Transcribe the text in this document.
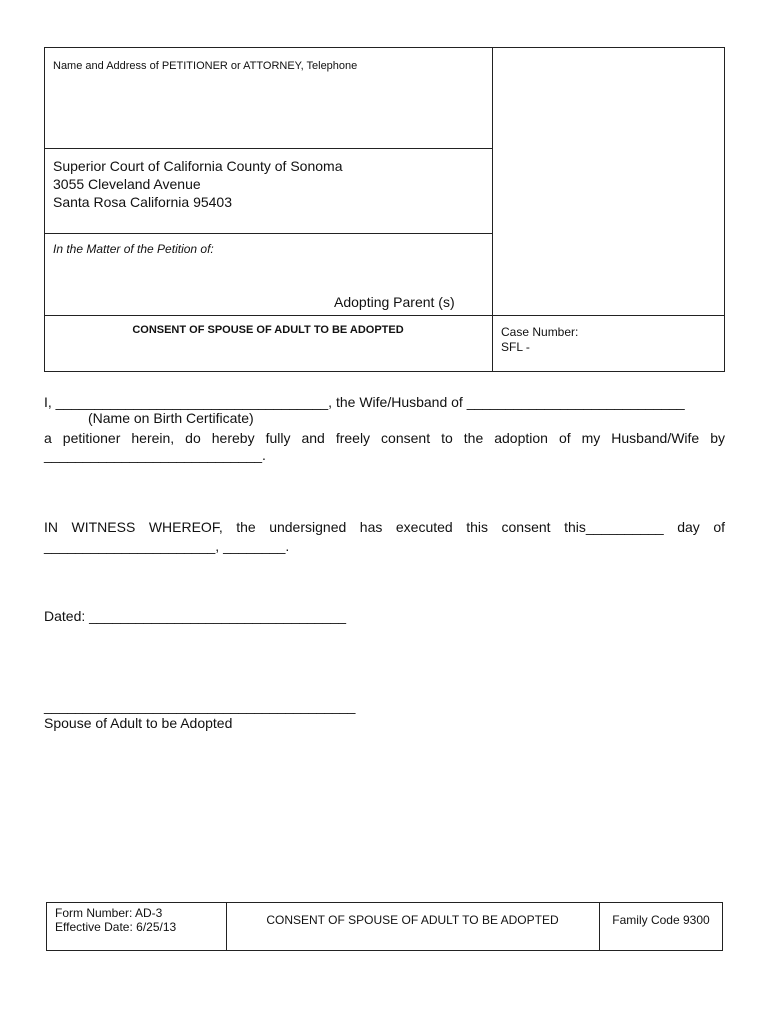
Name and Address of PETITIONER or ATTORNEY, Telephone
Superior Court of California County of Sonoma
3055 Cleveland Avenue
Santa Rosa California 95403
In the Matter of the Petition of:
Adopting Parent (s)
CONSENT OF SPOUSE OF ADULT TO BE ADOPTED	Case Number:
SFL -
I, ___________________________________, the Wife/Husband of ____________________________
(Name on Birth Certificate)
a petitioner herein, do hereby fully and freely consent to the adoption of my Husband/Wife by
____________________________.
IN WITNESS WHEREOF, the undersigned has executed this consent this__________ day of
______________________, ________.
Dated: _________________________________
________________________________________
Spouse of Adult to be Adopted
Form Number: AD-3
Effective Date: 6/25/13	CONSENT OF SPOUSE OF ADULT TO BE ADOPTED	Family Code 9300
